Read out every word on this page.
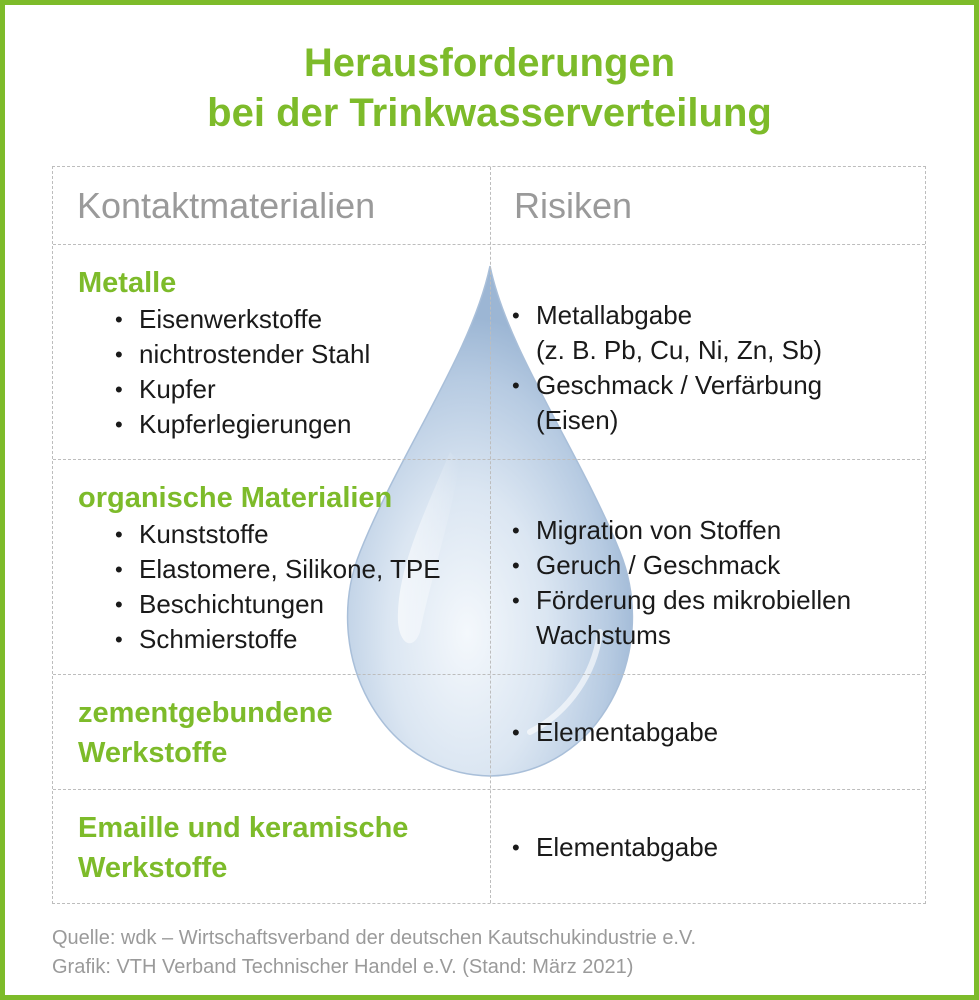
Herausforderungen
bei der Trinkwasserverteilung
Kontaktmaterialien	Risiken
Metalle
• Eisenwerkstoffe
• nichtrostender Stahl
• Kupfer
• Kupferlegierungen
• Metallabgabe
(z. B. Pb, Cu, Ni, Zn, Sb)
• Geschmack / Verfärbung
(Eisen)
organische Materialien
• Kunststoffe
• Elastomere, Silikone, TPE
• Beschichtungen
• Schmierstoffe
• Migration von Stoffen
• Geruch / Geschmack
• Förderung des mikrobiellen
Wachstums
zementgebundene
Werkstoffe
• Elementabgabe
Emaille und keramische
Werkstoffe
• Elementabgabe
Quelle: wdk – Wirtschaftsverband der deutschen Kautschukindustrie e.V.
Grafik: VTH Verband Technischer Handel e.V. (Stand: März 2021)
